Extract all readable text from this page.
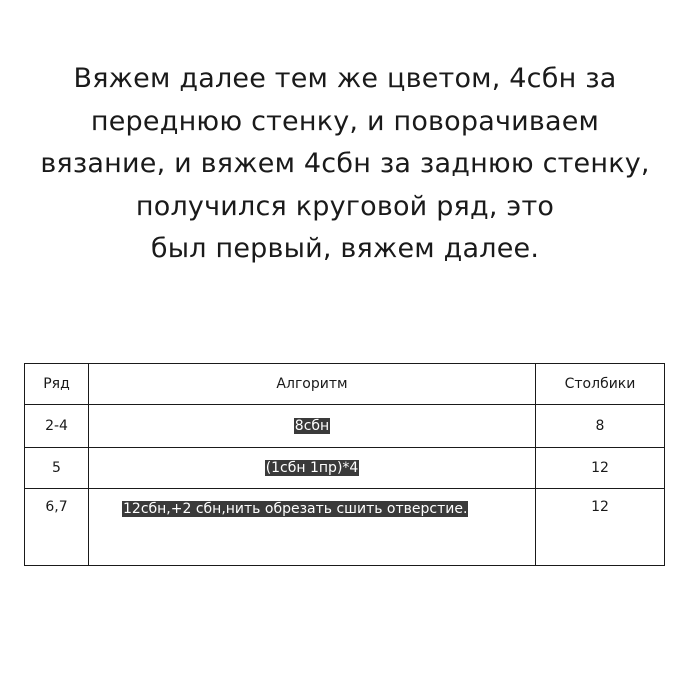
Вяжем далее тем же цветом, 4сбн за
переднюю стенку, и поворачиваем
вязание, и вяжем 4сбн за заднюю стенку,
получился круговой ряд, это
был первый, вяжем далее.
Ряд	Алгоритм	Столбики
2-4	8сбн	8
5	(1сбн 1пр)*4	12
6,7	12сбн,+2 сбн,нить обрезать сшить отверстие.	12
